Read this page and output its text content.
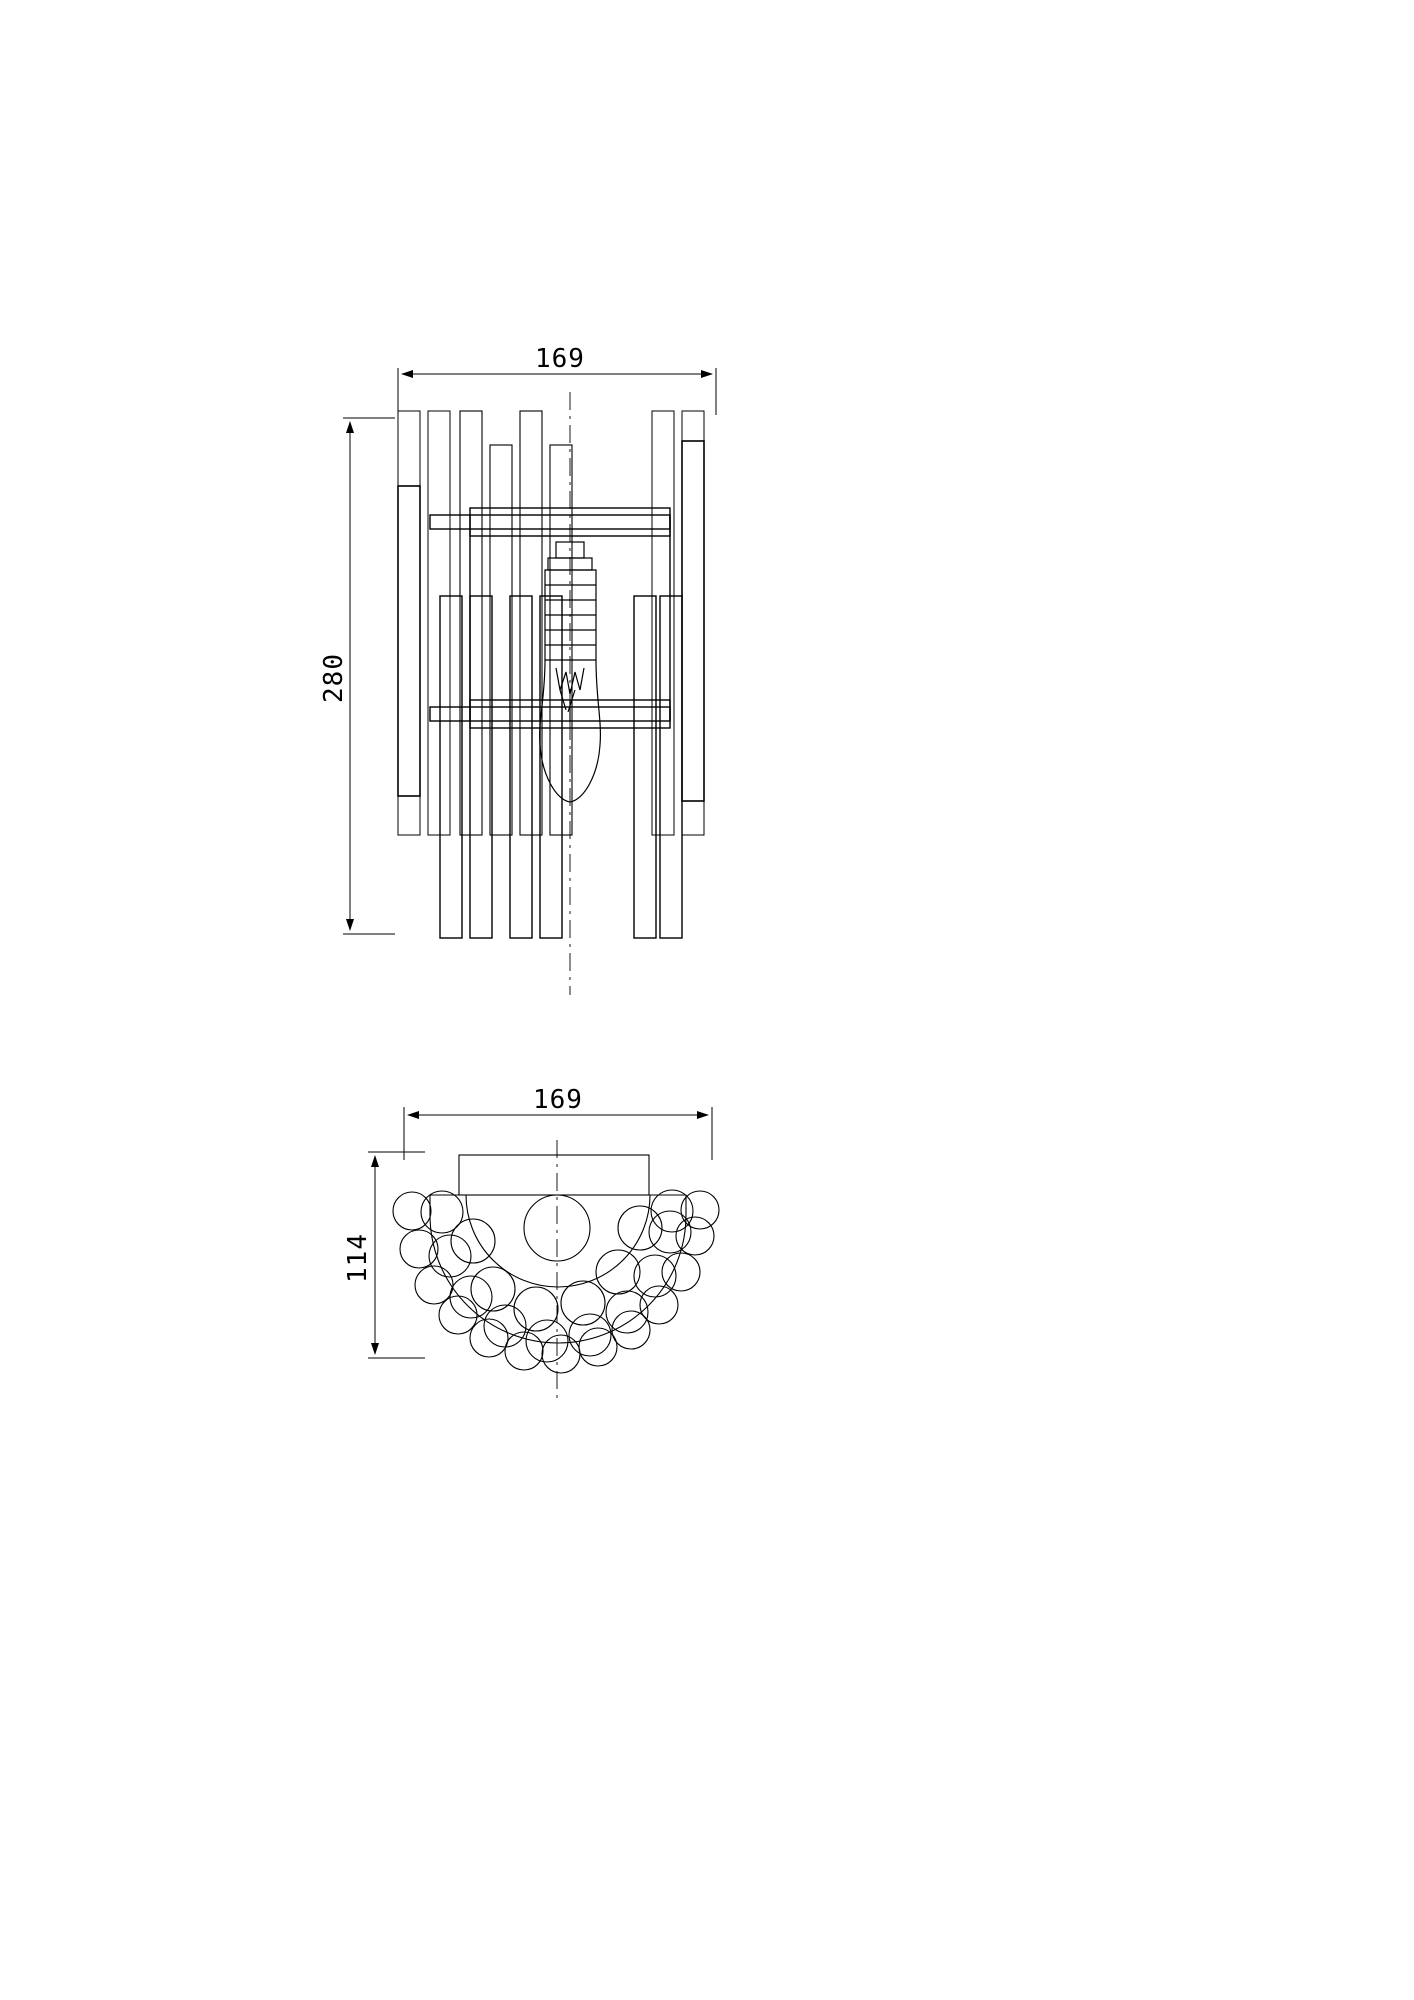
169
280
169
114
